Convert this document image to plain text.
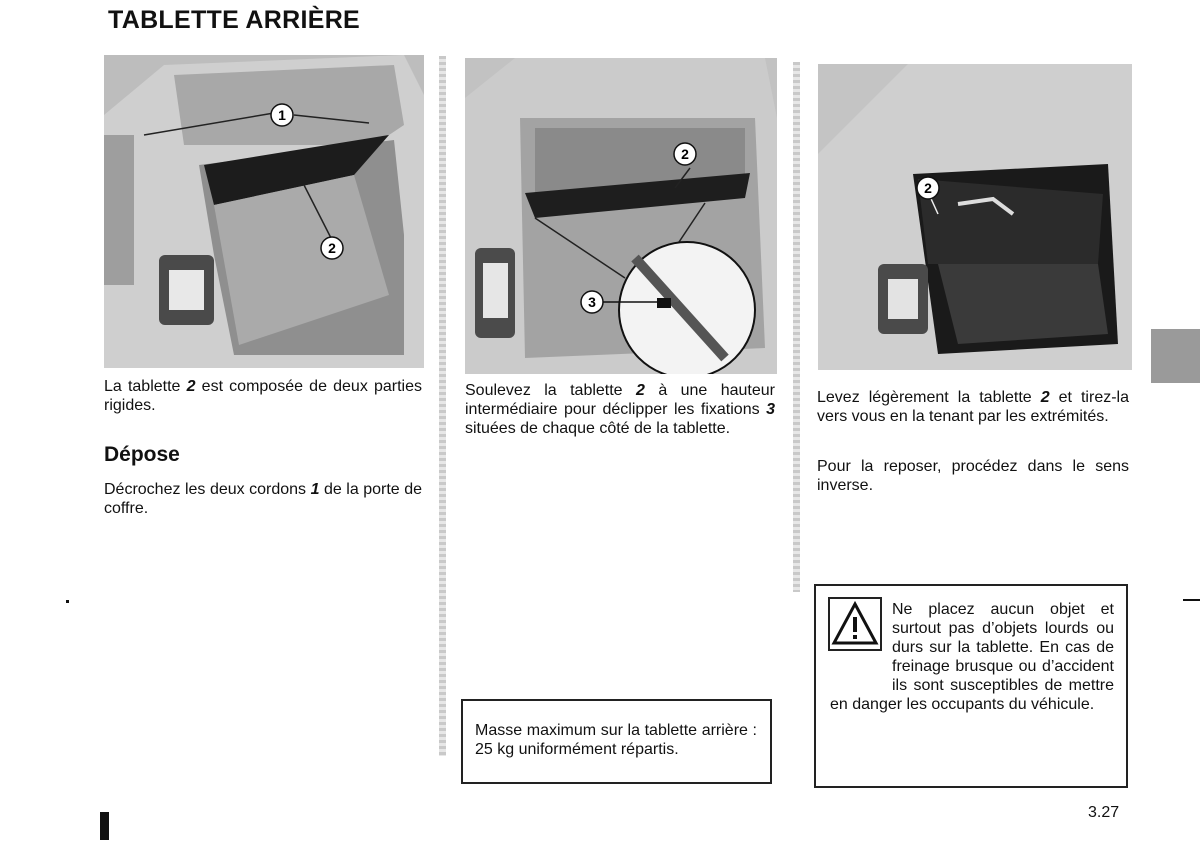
TABLETTE ARRIÈRE
1
2
2
3
2
La tablette 2 est composée de deux parties rigides.
Dépose
Décrochez les deux cordons 1 de la porte de coffre.
Soulevez la tablette 2 à une hauteur intermédiaire pour déclipper les fixations 3 situées de chaque côté de la tablette.
Masse maximum sur la tablette arrière : 25 kg uniformément répartis.
Levez légèrement la tablette 2 et tirez-la vers vous en la tenant par les extrémités.
Pour la reposer, procédez dans le sens inverse.
Ne placez aucun objet et surtout pas d’objets lourds ou durs sur la tablette. En cas de freinage brusque ou d’accident ils sont susceptibles de mettre en danger les occupants du véhicule.
3.27
